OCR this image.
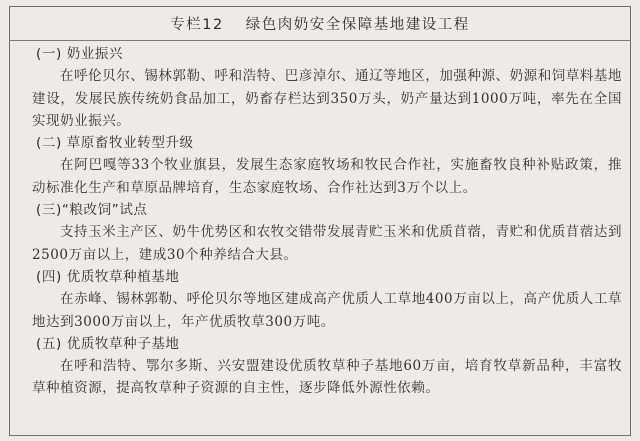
专栏12 绿色肉奶安全保障基地建设工程
(一) 奶业振兴

在呼伦贝尔、锡林郭勒、呼和浩特、巴彦淖尔、通辽等地区，加强种源、奶源和饲草料基地建设，发展民族传统奶食品加工，奶畜存栏达到350万头，奶产量达到1000万吨，率先在全国实现奶业振兴。

(二) 草原畜牧业转型升级

在阿巴嘎等33个牧业旗县，发展生态家庭牧场和牧民合作社，实施畜牧良种补贴政策，推动标准化生产和草原品牌培育，生态家庭牧场、合作社达到3万个以上。

(三)“粮改饲”试点

支持玉米主产区、奶牛优势区和农牧交错带发展青贮玉米和优质苜蓿，青贮和优质苜蓿达到2500万亩以上，建成30个种养结合大县。

(四) 优质牧草种植基地

在赤峰、锡林郭勒、呼伦贝尔等地区建成高产优质人工草地400万亩以上，高产优质人工草地达到3000万亩以上，年产优质牧草300万吨。

(五) 优质牧草种子基地

在呼和浩特、鄂尔多斯、兴安盟建设优质牧草种子基地60万亩，培育牧草新品种，丰富牧草种植资源，提高牧草种子资源的自主性，逐步降低外源性依赖。
